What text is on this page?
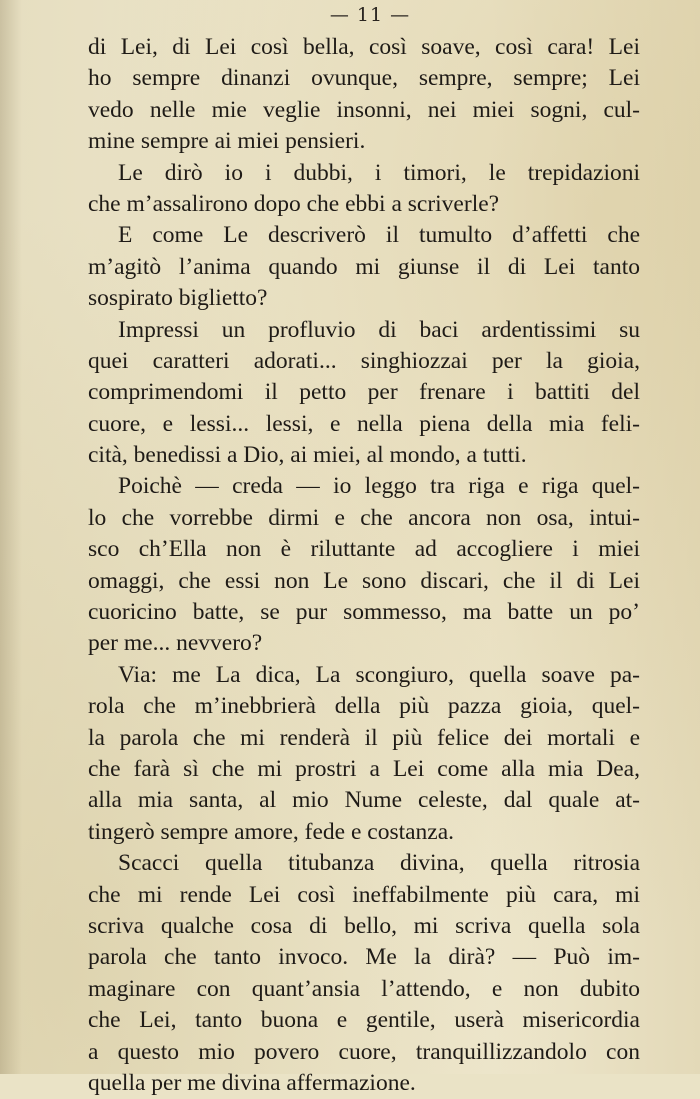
— 11 —
di Lei, di Lei così bella, così soave, così cara! Lei
ho sempre dinanzi ovunque, sempre, sempre; Lei
vedo nelle mie veglie insonni, nei miei sogni, cul-
mine sempre ai miei pensieri.
Le dirò io i dubbi, i timori, le trepidazioni
che m’assalirono dopo che ebbi a scriverle?
E come Le descriverò il tumulto d’affetti che
m’agitò l’anima quando mi giunse il di Lei tanto
sospirato biglietto?
Impressi un profluvio di baci ardentissimi su
quei caratteri adorati... singhiozzai per la gioia,
comprimendomi il petto per frenare i battiti del
cuore, e lessi... lessi, e nella piena della mia feli-
cità, benedissi a Dio, ai miei, al mondo, a tutti.
Poichè — creda — io leggo tra riga e riga quel-
lo che vorrebbe dirmi e che ancora non osa, intui-
sco ch’Ella non è riluttante ad accogliere i miei
omaggi, che essi non Le sono discari, che il di Lei
cuoricino batte, se pur sommesso, ma batte un po’
per me... nevvero?
Via: me La dica, La scongiuro, quella soave pa-
rola che m’inebbrierà della più pazza gioia, quel-
la parola che mi renderà il più felice dei mortali e
che farà sì che mi prostri a Lei come alla mia Dea,
alla mia santa, al mio Nume celeste, dal quale at-
tingerò sempre amore, fede e costanza.
Scacci quella titubanza divina, quella ritrosia
che mi rende Lei così ineffabilmente più cara, mi
scriva qualche cosa di bello, mi scriva quella sola
parola che tanto invoco. Me la dirà? — Può im-
maginare con quant’ansia l’attendo, e non dubito
che Lei, tanto buona e gentile, userà misericordia
a questo mio povero cuore, tranquillizzandolo con
quella per me divina affermazione.
